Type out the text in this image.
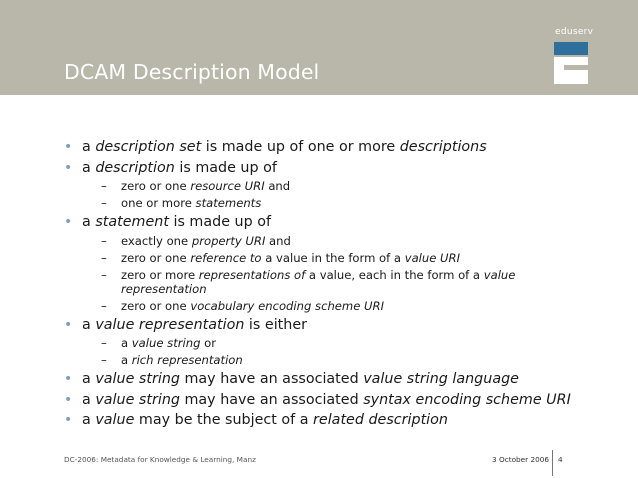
DCAM Description Model
eduserv
• a description set is made up of one or more descriptions
• a description is made up of
– zero or one resource URI and
– one or more statements
• a statement is made up of
– exactly one property URI and
– zero or one reference to a value in the form of a value URI
– zero or more representations of a value, each in the form of a value representation
– zero or one vocabulary encoding scheme URI
• a value representation is either
– a value string or
– a rich representation
• a value string may have an associated value string language
• a value string may have an associated syntax encoding scheme URI
• a value may be the subject of a related description
DC-2006: Metadata for Knowledge & Learning, Manz	3 October 2006 4
